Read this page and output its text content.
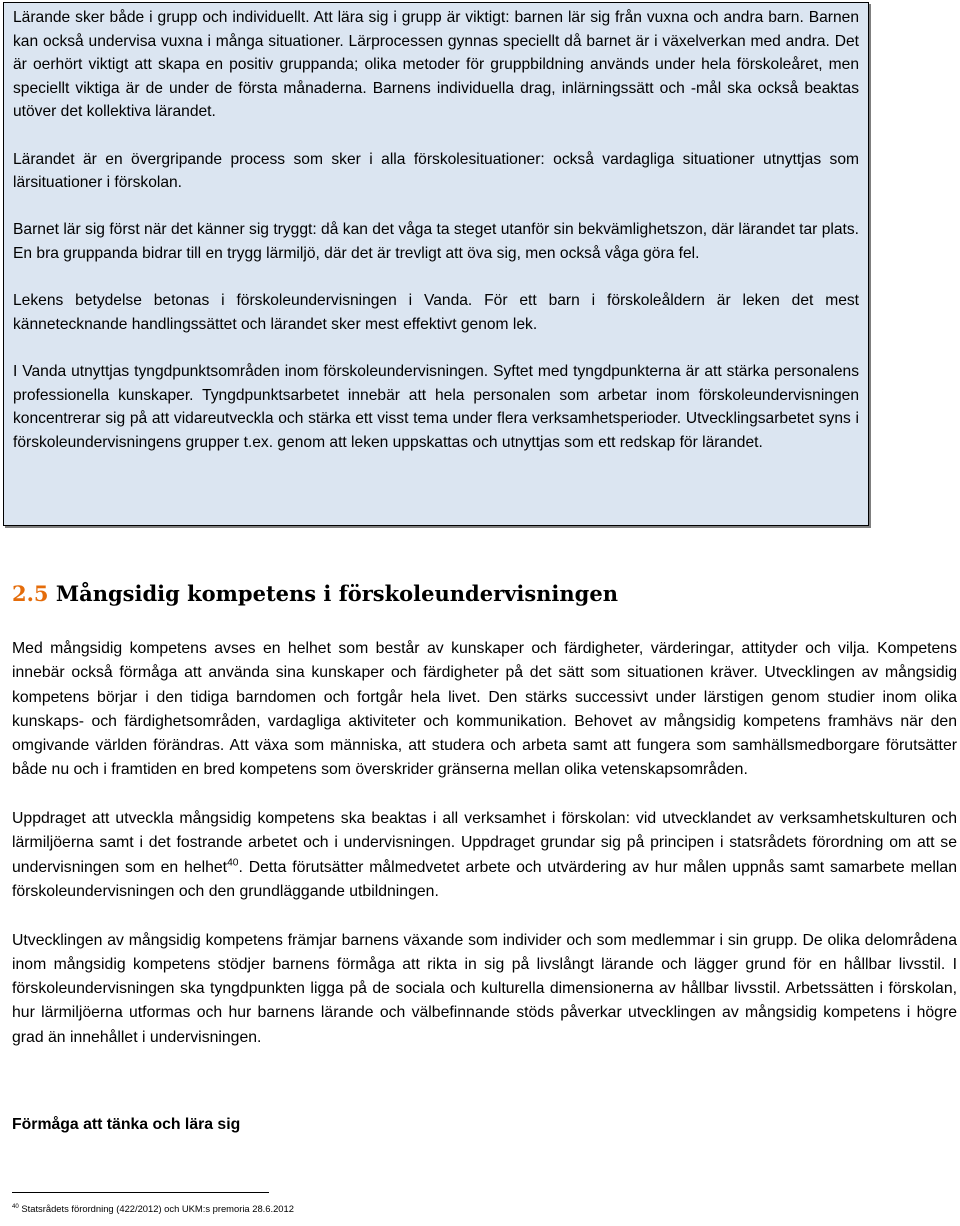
Lärande sker både i grupp och individuellt. Att lära sig i grupp är viktigt: barnen lär sig från vuxna och andra barn. Barnen kan också undervisa vuxna i många situationer. Lärprocessen gynnas speciellt då barnet är i växelverkan med andra. Det är oerhört viktigt att skapa en positiv gruppanda; olika metoder för gruppbildning används under hela förskoleåret, men speciellt viktiga är de under de första månaderna. Barnens individuella drag, inlärningssätt och -mål ska också beaktas utöver det kollektiva lärandet.

Lärandet är en övergripande process som sker i alla förskolesituationer: också vardagliga situationer utnyttjas som lärsituationer i förskolan.

Barnet lär sig först när det känner sig tryggt: då kan det våga ta steget utanför sin bekvämlighetszon, där lärandet tar plats. En bra gruppanda bidrar till en trygg lärmiljö, där det är trevligt att öva sig, men också våga göra fel.

Lekens betydelse betonas i förskoleundervisningen i Vanda. För ett barn i förskoleåldern är leken det mest kännetecknande handlingssättet och lärandet sker mest effektivt genom lek.

I Vanda utnyttjas tyngdpunktsområden inom förskoleundervisningen. Syftet med tyngdpunkterna är att stärka personalens professionella kunskaper. Tyngdpunktsarbetet innebär att hela personalen som arbetar inom förskoleundervisningen koncentrerar sig på att vidareutveckla och stärka ett visst tema under flera verksamhetsperioder. Utvecklingsarbetet syns i förskoleundervisningens grupper t.ex. genom att leken uppskattas och utnyttjas som ett redskap för lärandet.

2.5 Mångsidig kompetens i förskoleundervisningen

Med mångsidig kompetens avses en helhet som består av kunskaper och färdigheter, värderingar, attityder och vilja. Kompetens innebär också förmåga att använda sina kunskaper och färdigheter på det sätt som situationen kräver. Utvecklingen av mångsidig kompetens börjar i den tidiga barndomen och fortgår hela livet. Den stärks successivt under lärstigen genom studier inom olika kunskaps- och färdighetsområden, vardagliga aktiviteter och kommunikation. Behovet av mångsidig kompetens framhävs när den omgivande världen förändras. Att växa som människa, att studera och arbeta samt att fungera som samhällsmedborgare förutsätter både nu och i framtiden en bred kompetens som överskrider gränserna mellan olika vetenskapsområden.

Uppdraget att utveckla mångsidig kompetens ska beaktas i all verksamhet i förskolan: vid utvecklandet av verksamhetskulturen och lärmiljöerna samt i det fostrande arbetet och i undervisningen. Uppdraget grundar sig på principen i statsrådets förordning om att se undervisningen som en helhet$^{40}$. Detta förutsätter målmedvetet arbete och utvärdering av hur målen uppnås samt samarbete mellan förskoleundervisningen och den grundläggande utbildningen.

Utvecklingen av mångsidig kompetens främjar barnens växande som individer och som medlemmar i sin grupp. De olika delområdena inom mångsidig kompetens stödjer barnens förmåga att rikta in sig på livslångt lärande och lägger grund för en hållbar livsstil. I förskoleundervisningen ska tyngdpunkten ligga på de sociala och kulturella dimensionerna av hållbar livsstil. Arbetssätten i förskolan, hur lärmiljöerna utformas och hur barnens lärande och välbefinnande stöds påverkar utvecklingen av mångsidig kompetens i högre grad än innehållet i undervisningen.

Förmåga att tänka och lära sig
$^{40}$ Statsrådets förordning (422/2012) och UKM:s premoria 28.6.2012
